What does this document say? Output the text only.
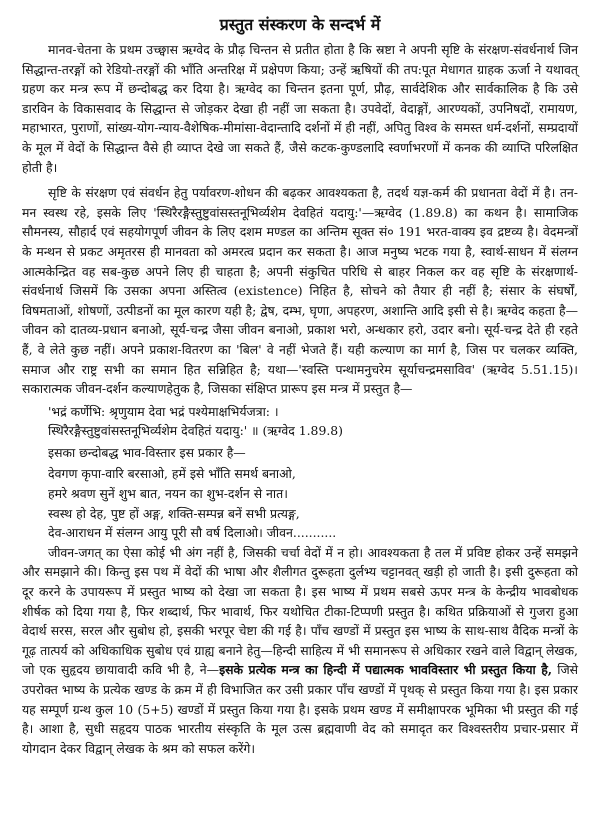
प्रस्तुत संस्करण के सन्दर्भ में

मानव-चेतना के प्रथम उच्छ्वास ऋग्वेद के प्रौढ़ चिन्तन से प्रतीत होता है कि स्रष्टा ने अपनी सृष्टि के संरक्षण-संवर्धनार्थ जिन सिद्धान्त-तरङ्गों को रेडियो-तरङ्गों की भाँति अन्तरिक्ष में प्रक्षेपण किया; उन्हें ऋषियों की तप:पूत मेधागत ग्राहक ऊर्जा ने यथावत् ग्रहण कर मन्त्र रूप में छन्दोबद्ध कर दिया है। ऋग्वेद का चिन्तन इतना पूर्ण, प्रौढ़, सार्वदेशिक और सार्वकालिक है कि उसे डारविन के विकासवाद के सिद्धान्त से जोड़कर देखा ही नहीं जा सकता है। उपवेदों, वेदाङ्गों, आरण्यकों, उपनिषदों, रामायण, महाभारत, पुराणों, सांख्य-योग-न्याय-वैशेषिक-मीमांसा-वेदान्तादि दर्शनों में ही नहीं, अपितु विश्व के समस्त धर्म-दर्शनों, सम्प्रदायों के मूल में वेदों के सिद्धान्त वैसे ही व्याप्त देखे जा सकते हैं, जैसे कटक-कुण्डलादि स्वर्णाभरणों में कनक की व्याप्ति परिलक्षित होती है।

सृष्टि के संरक्षण एवं संवर्धन हेतु पर्यावरण-शोधन की बढ़कर आवश्यकता है, तदर्थ यज्ञ-कर्म की प्रधानता वेदों में है। तन-मन स्वस्थ रहे, इसके लिए 'स्थिरैरङ्गैस्तुष्टुवांसस्तनूभिर्व्यशेम देवहितं यदायु:'—ऋग्वेद (1.89.8) का कथन है। सामाजिक सौमनस्य, सौहार्द एवं सहयोगपूर्ण जीवन के लिए दशम मण्डल का अन्तिम सूक्त सं० 191 भरत-वाक्य इव द्रष्टव्य है। वेदमन्त्रों के मन्थन से प्रकट अमृतरस ही मानवता को अमरत्व प्रदान कर सकता है। आज मनुष्य भटक गया है, स्वार्थ-साधन में संलग्न आत्मकेन्द्रित वह सब-कुछ अपने लिए ही चाहता है; अपनी संकुचित परिधि से बाहर निकल कर वह सृष्टि के संरक्षणार्थ-संवर्धनार्थ जिसमें कि उसका अपना अस्तित्व (existence) निहित है, सोचने को तैयार ही नहीं है; संसार के संघर्षों, विषमताओं, शोषणों, उत्पीडनों का मूल कारण यही है; द्वेष, दम्भ, घृणा, अपहरण, अशान्ति आदि इसी से है। ऋग्वेद कहता है—जीवन को दातव्य-प्रधान बनाओ, सूर्य-चन्द्र जैसा जीवन बनाओ, प्रकाश भरो, अन्धकार हरो, उदार बनो। सूर्य-चन्द्र देते ही रहते हैं, वे लेते कुछ नहीं। अपने प्रकाश-वितरण का 'बिल' वे नहीं भेजते हैं। यही कल्याण का मार्ग है, जिस पर चलकर व्यक्ति, समाज और राष्ट्र सभी का समान हित सन्निहित है; यथा—'स्वस्ति पन्थामनुचरेम सूर्याचन्द्रमसाविव' (ऋग्वेद 5.51.15)। सकारात्मक जीवन-दर्शन कल्याणहेतुक है, जिसका संक्षिप्त प्रारूप इस मन्त्र में प्रस्तुत है—

'भद्रं कर्णेभि: श्रृणुयाम देवा भद्रं पश्येमाक्षभिर्यजत्रा: ।
स्थिरैरङ्गैस्तुष्टुवांसस्तनूभिर्व्यशेम देवहितं यदायु:' ॥ (ऋग्वेद 1.89.8)
इसका छन्दोबद्ध भाव-विस्तार इस प्रकार है—
देवगण कृपा-वारि बरसाओ, हमें इसे भाँति समर्थ बनाओ,
हमरे श्रवण सुनें शुभ बात, नयन का शुभ-दर्शन से नात।
स्वस्थ हो देह, पुष्ट हों अङ्ग, शक्ति-सम्पन्न बनें सभी प्रत्यङ्ग,
देव-आराधन में संलग्न आयु पूरी सौ वर्ष दिलाओ। जीवन...........

जीवन-जगत् का ऐसा कोई भी अंग नहीं है, जिसकी चर्चा वेदों में न हो। आवश्यकता है तल में प्रविष्ट होकर उन्हें समझने और समझाने की। किन्तु इस पथ में वेदों की भाषा और शैलीगत दुरूहता दुर्लभ्य चट्टानवत् खड़ी हो जाती है। इसी दुरूहता को दूर करने के उपायरूप में प्रस्तुत भाष्य को देखा जा सकता है। इस भाष्य में प्रथम सबसे ऊपर मन्त्र के केन्द्रीय भावबोधक शीर्षक को दिया गया है, फिर शब्दार्थ, फिर भावार्थ, फिर यथोचित टीका-टिप्पणी प्रस्तुत है। कथित प्रक्रियाओं से गुजरा हुआ वेदार्थ सरस, सरल और सुबोध हो, इसकी भरपूर चेष्टा की गई है। पाँच खण्डों में प्रस्तुत इस भाष्य के साथ-साथ वैदिक मन्त्रों के गूढ़ तात्पर्य को अधिकाधिक सुबोध एवं ग्राह्य बनाने हेतु—हिन्दी साहित्य में भी समानरूप से अधिकार रखने वाले विद्वान् लेखक, जो एक सुहृदय छायावादी कवि भी है, ने—इसके प्रत्येक मन्त्र का हिन्दी में पद्यात्मक भावविस्तार भी प्रस्तुत किया है, जिसे उपरोक्त भाष्य के प्रत्येक खण्ड के क्रम में ही विभाजित कर उसी प्रकार पाँच खण्डों में पृथक् से प्रस्तुत किया गया है। इस प्रकार यह सम्पूर्ण ग्रन्थ कुल 10 (5+5) खण्डों में प्रस्तुत किया गया है। इसके प्रथम खण्ड में समीक्षापरक भूमिका भी प्रस्तुत की गई है। आशा है, सुधी सहृदय पाठक भारतीय संस्कृति के मूल उत्स ब्रह्मवाणी वेद को समादृत कर विश्वस्तरीय प्रचार-प्रसार में योगदान देकर विद्वान् लेखक के श्रम को सफल करेंगे।
